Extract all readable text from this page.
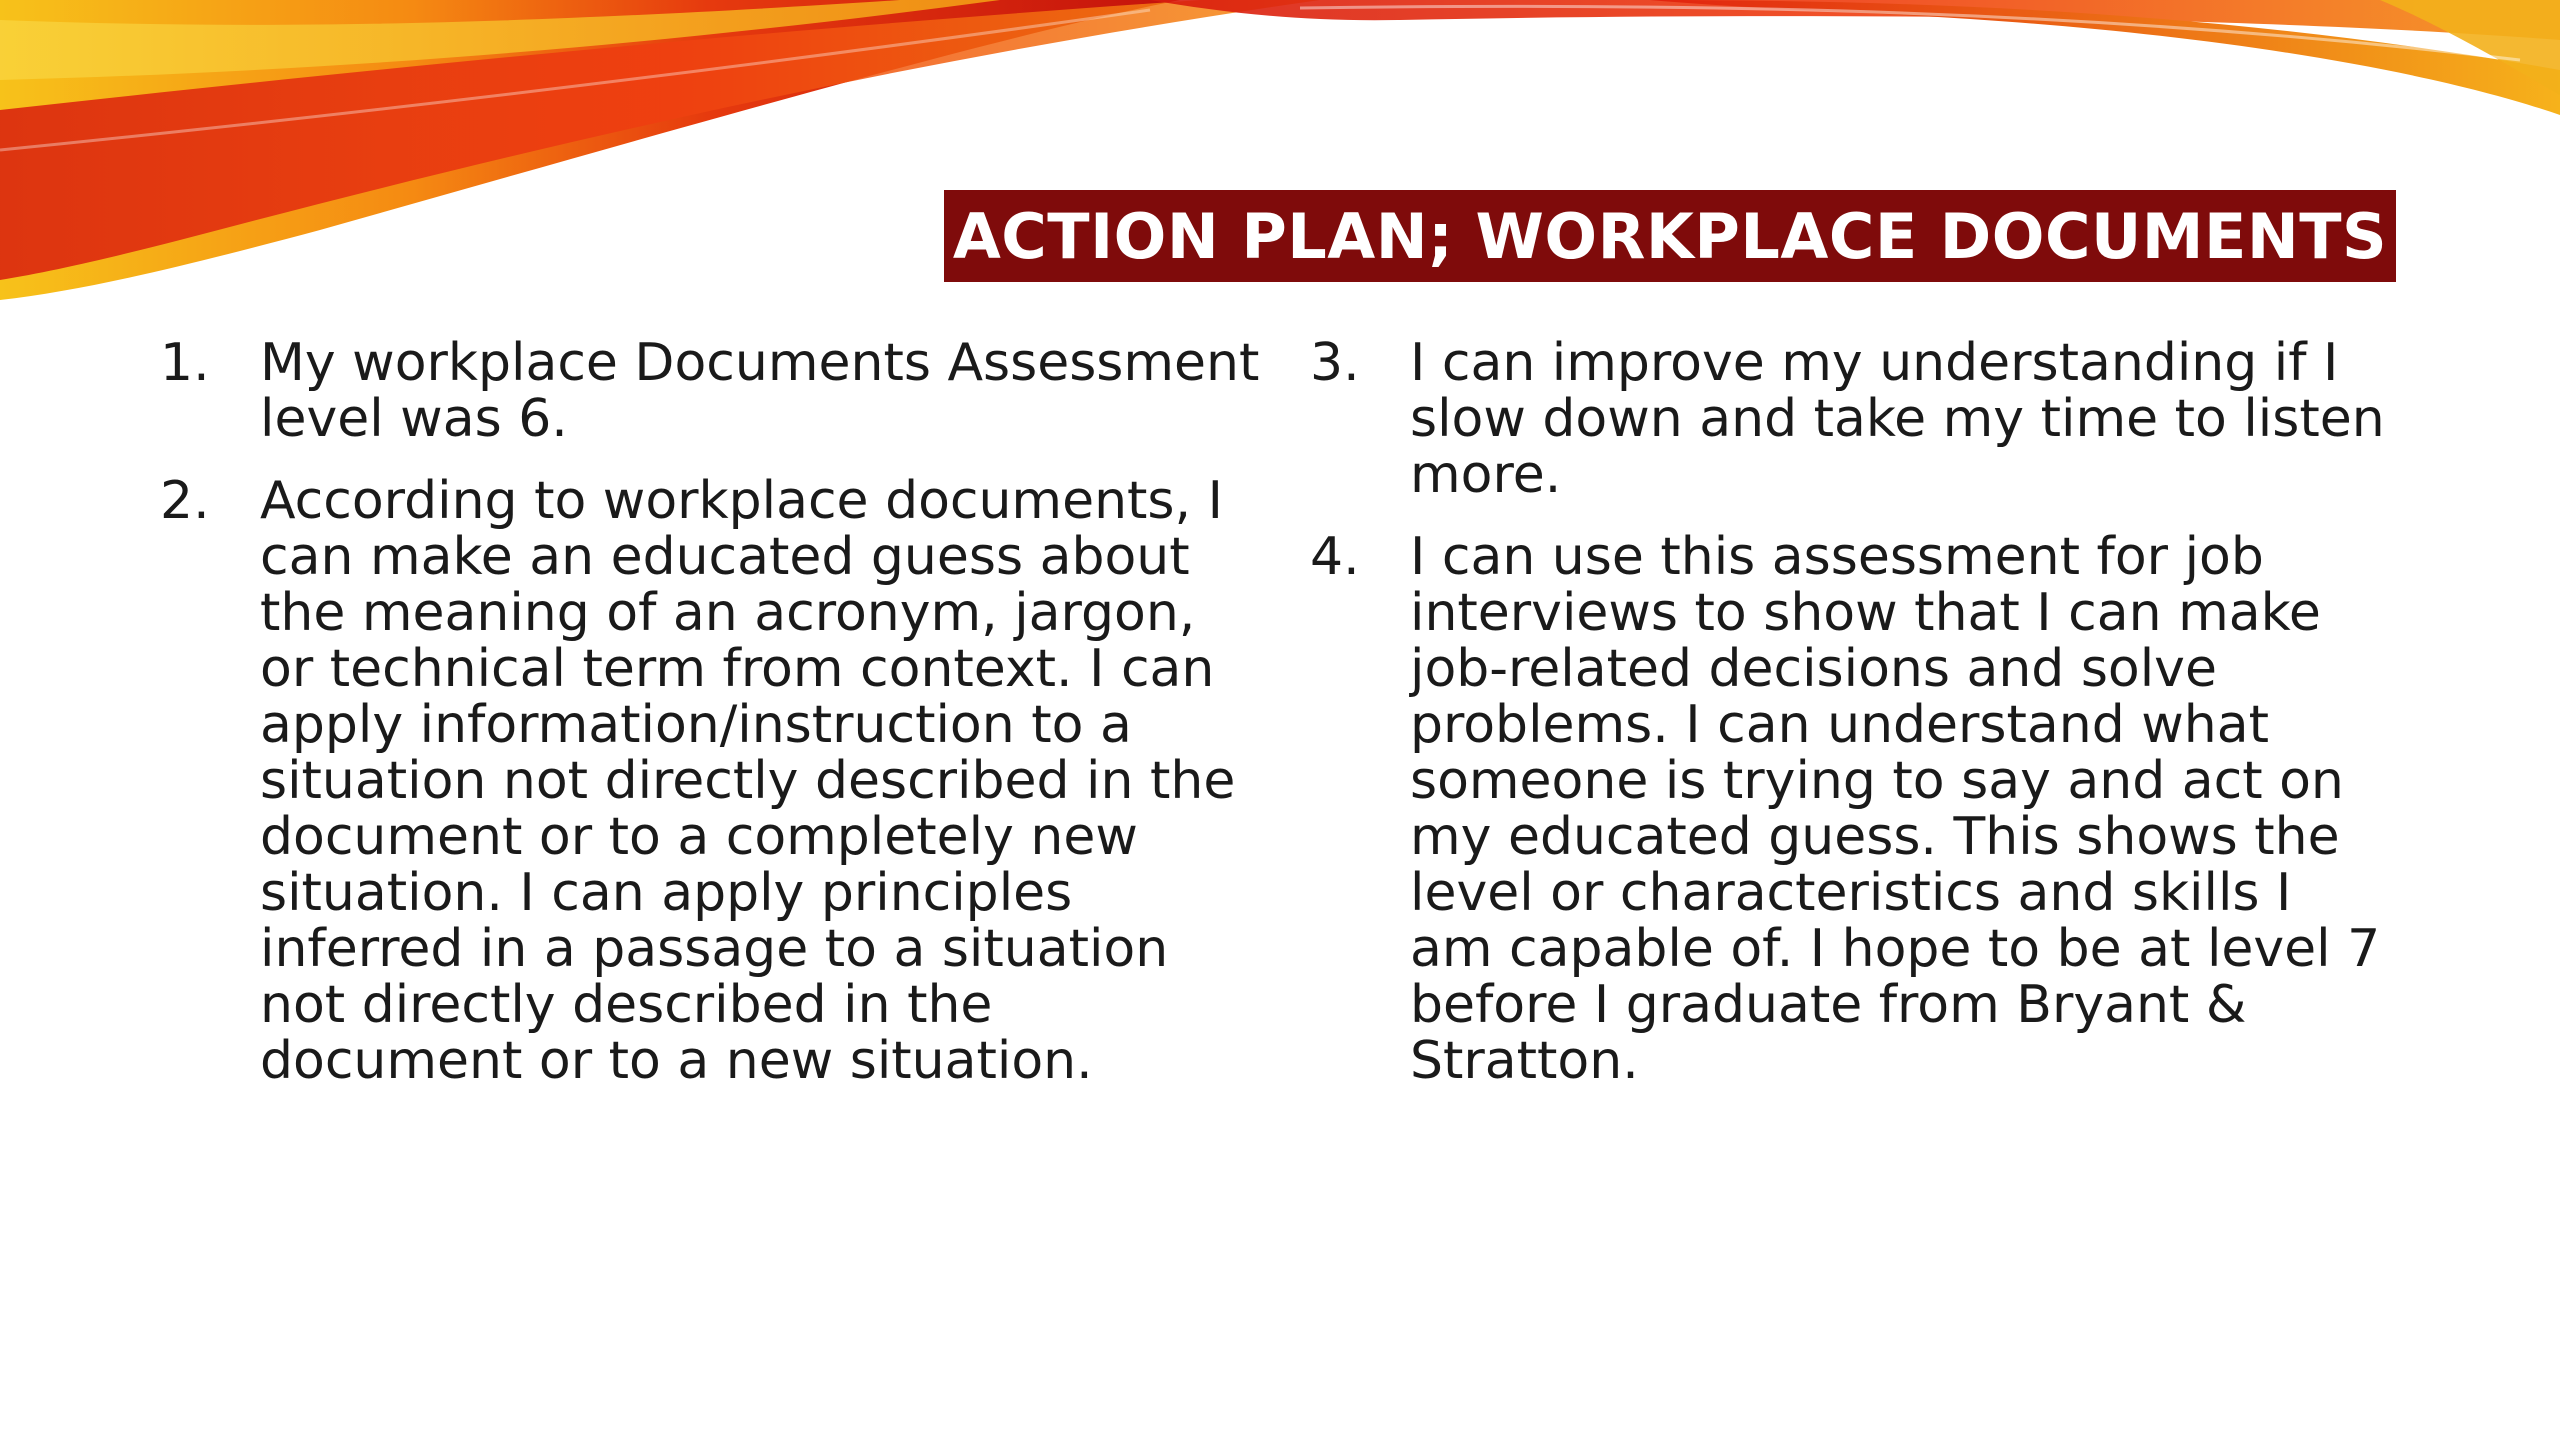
ACTION PLAN; WORKPLACE DOCUMENTS
1. My workplace Documents Assessment level was 6.
2. According to workplace documents, I can make an educated guess about the meaning of an acronym, jargon, or technical term from context. I can apply information/instruction to a situation not directly described in the document or to a completely new situation. I can apply principles inferred in a passage to a situation not directly described in the document or to a new situation.
3. I can improve my understanding if I slow down and take my time to listen more.
4. I can use this assessment for job interviews to show that I can make job-related decisions and solve problems. I can understand what someone is trying to say and act on my educated guess. This shows the level or characteristics and skills I am capable of. I hope to be at level 7 before I graduate from Bryant & Stratton.
